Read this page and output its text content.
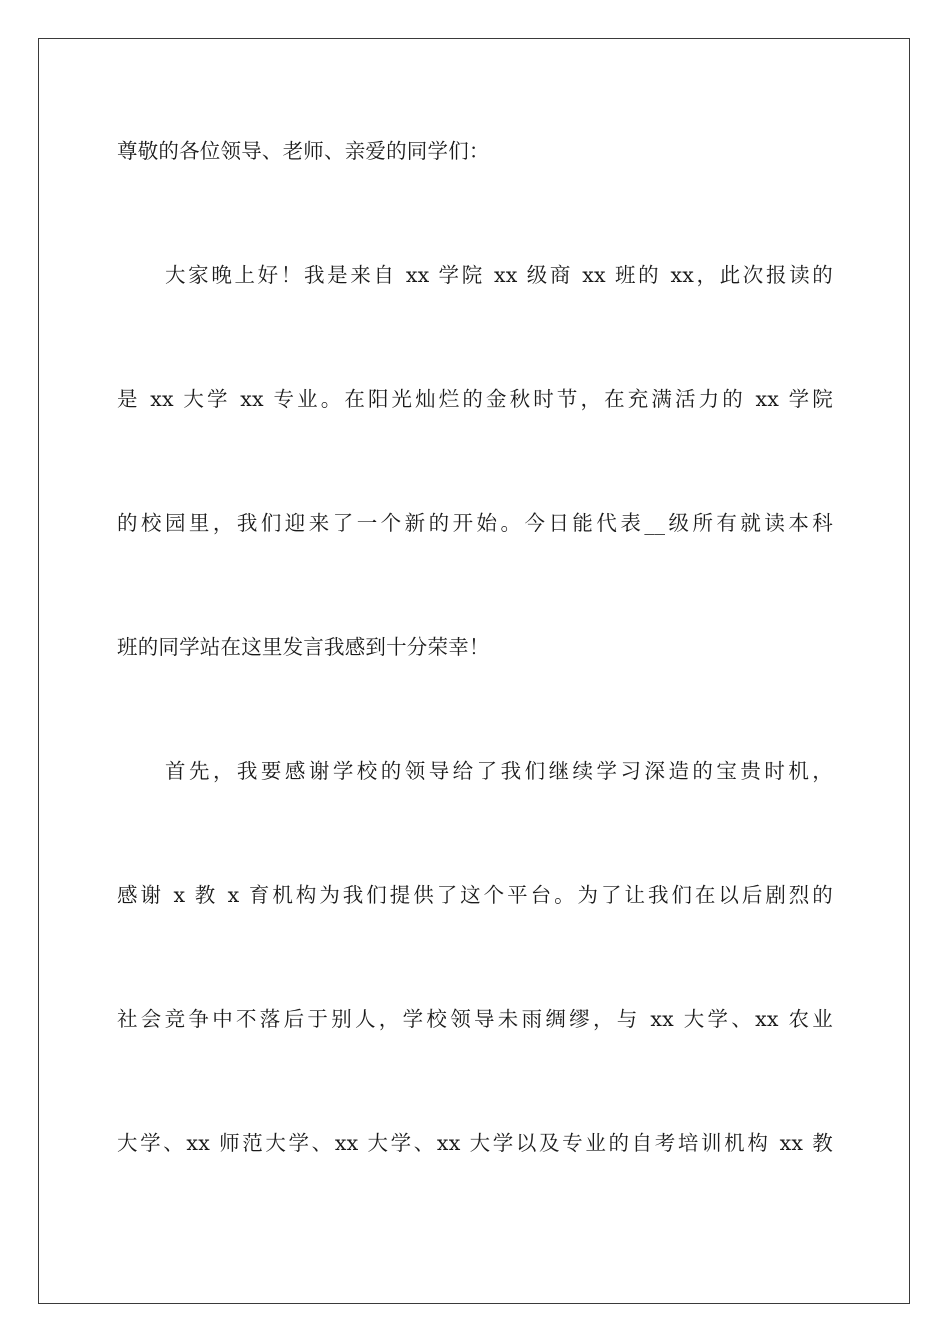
尊敬的各位领导、老师、亲爱的同学们：
大家晚上好！我是来自 xx 学院 xx 级商 xx 班的 xx，此次报读的
是 xx 大学 xx 专业。在阳光灿烂的金秋时节，在充满活力的 xx 学院
的校园里，我们迎来了一个新的开始。今日能代表__级所有就读本科
班的同学站在这里发言我感到十分荣幸！
首先，我要感谢学校的领导给了我们继续学习深造的宝贵时机，
感谢 x 教 x 育机构为我们提供了这个平台。为了让我们在以后剧烈的
社会竞争中不落后于别人，学校领导未雨绸缪，与 xx 大学、xx 农业
大学、xx 师范大学、xx 大学、xx 大学以及专业的自考培训机构 xx 教
